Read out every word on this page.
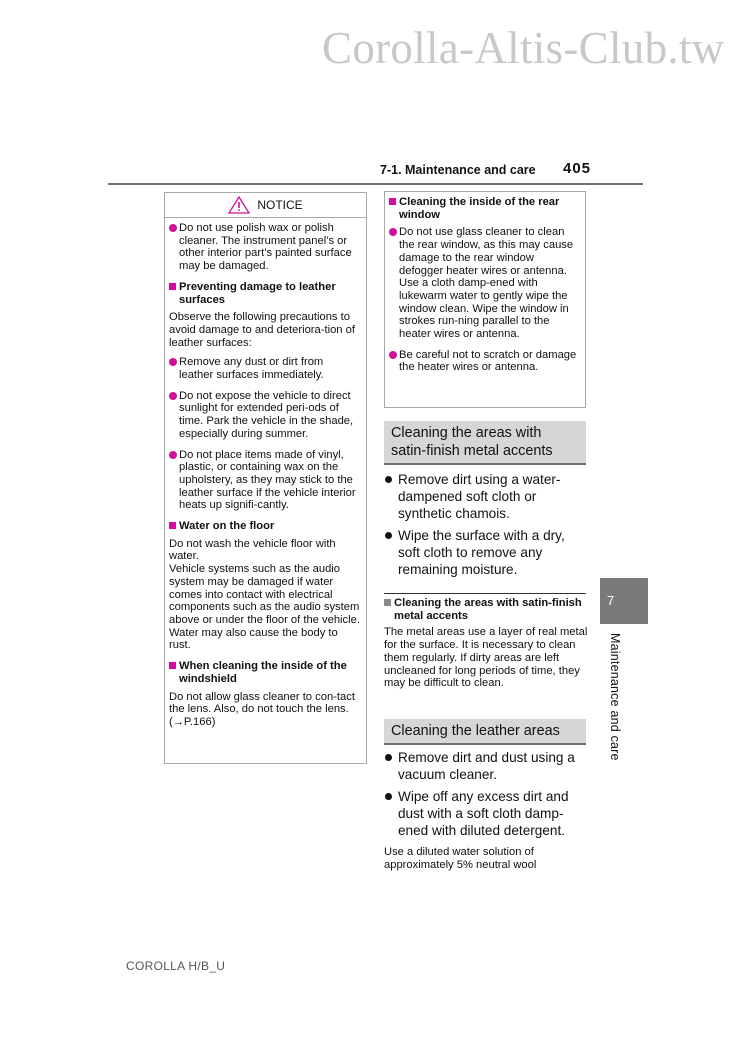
Corolla-Altis-Club.tw
7-1. Maintenance and care 405
NOTICE
Do not use polish wax or polish cleaner. The instrument panel’s or other interior part’s painted surface may be damaged.
Preventing damage to leather surfaces
Observe the following precautions to avoid damage to and deteriora-tion of leather surfaces:
Remove any dust or dirt from leather surfaces immediately.
Do not expose the vehicle to direct sunlight for extended peri-ods of time. Park the vehicle in the shade, especially during summer.
Do not place items made of vinyl, plastic, or containing wax on the upholstery, as they may stick to the leather surface if the vehicle interior heats up signifi-cantly.
Water on the floor
Do not wash the vehicle floor with water.
Vehicle systems such as the audio system may be damaged if water comes into contact with electrical components such as the audio system above or under the floor of the vehicle. Water may also cause the body to rust.
When cleaning the inside of the windshield
Do not allow glass cleaner to con-tact the lens. Also, do not touch the lens. (→P.166)
Cleaning the inside of the rear window
Do not use glass cleaner to clean the rear window, as this may cause damage to the rear window defogger heater wires or antenna. Use a cloth damp-ened with lukewarm water to gently wipe the window clean. Wipe the window in strokes run-ning parallel to the heater wires or antenna.
Be careful not to scratch or damage the heater wires or antenna.
Cleaning the areas with satin-finish metal accents
Remove dirt using a water-dampened soft cloth or synthetic chamois.
Wipe the surface with a dry, soft cloth to remove any remaining moisture.
Cleaning the areas with satin-finish metal accents
The metal areas use a layer of real metal for the surface. It is necessary to clean them regularly. If dirty areas are left uncleaned for long periods of time, they may be difficult to clean.
Cleaning the leather areas
Remove dirt and dust using a vacuum cleaner.
Wipe off any excess dirt and dust with a soft cloth damp-ened with diluted detergent.
Use a diluted water solution of approximately 5% neutral wool
7
Maintenance and care
COROLLA H/B_U
